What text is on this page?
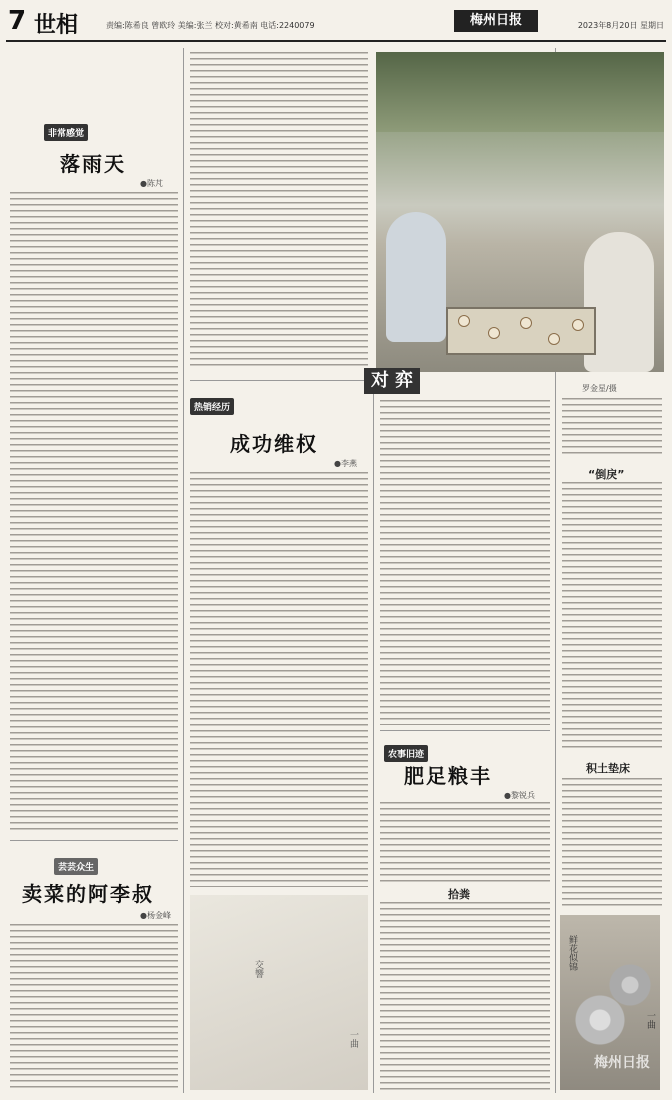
7 世相	责编:陈希良 曾欧玲 美编:张兰 校对:黄希南 电话:2240079	梅州日报	2023年8月20日 星期日
非常感觉
落雨天
●陈芃
芸芸众生
卖菜的阿李叔
●杨金峰
热销经历
成功维权
●李燕
交響
一曲
对 弈	罗金星/摄
农事旧迹
肥足粮丰
●黎锐兵
拾粪
“倒戾”
积土垫床
鲜花似锦
一曲
梅州日报
